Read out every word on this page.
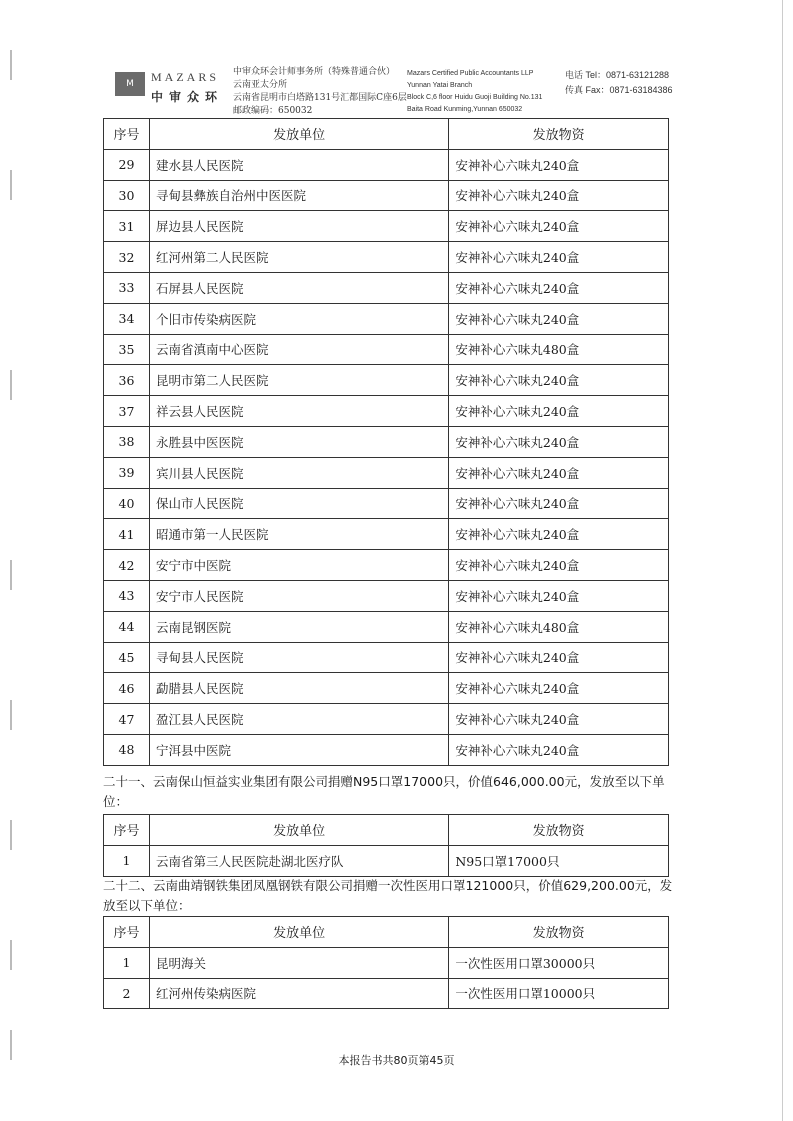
M	MAZARS
中审众环
中审众环会计师事务所（特殊普通合伙）
云南亚太分所
云南省昆明市白塔路131号汇都国际C座6层
邮政编码：650032
Mazars Certified Public Accountants LLP
Yunnan Yatai Branch
Block C,6 floor Huidu Guoji Building No.131
Baita Road Kunming,Yunnan 650032
电话 Tel：0871-63121288
传真 Fax：0871-63184386
序号	发放单位	发放物资
29	建水县人民医院	安神补心六味丸240盒
30	寻甸县彝族自治州中医医院	安神补心六味丸240盒
31	屏边县人民医院	安神补心六味丸240盒
32	红河州第二人民医院	安神补心六味丸240盒
33	石屏县人民医院	安神补心六味丸240盒
34	个旧市传染病医院	安神补心六味丸240盒
35	云南省滇南中心医院	安神补心六味丸480盒
36	昆明市第二人民医院	安神补心六味丸240盒
37	祥云县人民医院	安神补心六味丸240盒
38	永胜县中医医院	安神补心六味丸240盒
39	宾川县人民医院	安神补心六味丸240盒
40	保山市人民医院	安神补心六味丸240盒
41	昭通市第一人民医院	安神补心六味丸240盒
42	安宁市中医院	安神补心六味丸240盒
43	安宁市人民医院	安神补心六味丸240盒
44	云南昆钢医院	安神补心六味丸480盒
45	寻甸县人民医院	安神补心六味丸240盒
46	勐腊县人民医院	安神补心六味丸240盒
47	盈江县人民医院	安神补心六味丸240盒
48	宁洱县中医院	安神补心六味丸240盒
二十一、云南保山恒益实业集团有限公司捐赠N95口罩17000只，价值646,000.00元，发放至以下单位：
序号	发放单位	发放物资
1	云南省第三人民医院赴湖北医疗队	N95口罩17000只
二十二、云南曲靖钢铁集团凤凰钢铁有限公司捐赠一次性医用口罩121000只，价值629,200.00元，发放至以下单位：
序号	发放单位	发放物资
1	昆明海关	一次性医用口罩30000只
2	红河州传染病医院	一次性医用口罩10000只
本报告书共80页第45页
